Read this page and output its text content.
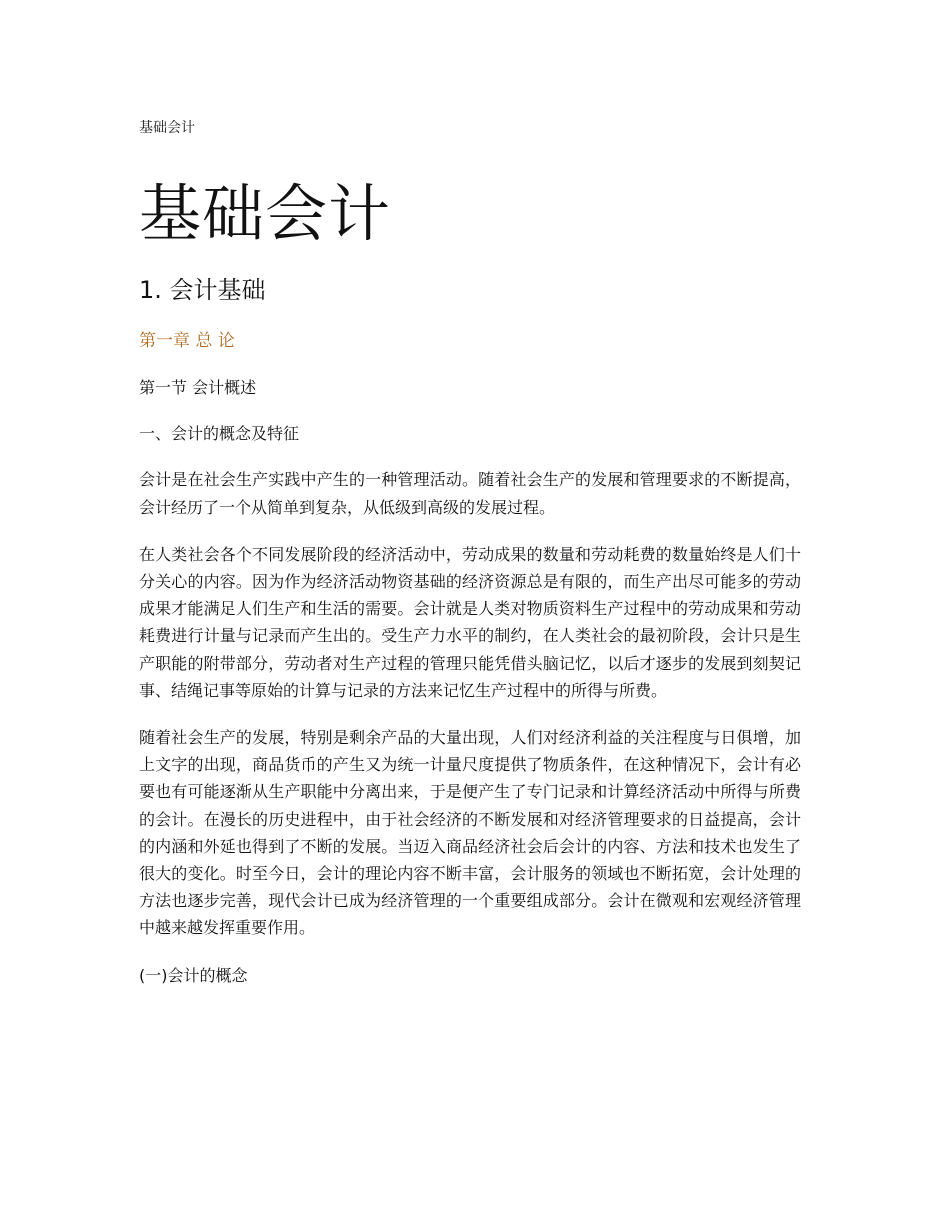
基础会计

基础会计
1. 会计基础
第一章 总 论

第一节 会计概述

一、会计的概念及特征

会计是在社会生产实践中产生的一种管理活动。随着社会生产的发展和管理要求的不断提高，会计经历了一个从简单到复杂，从低级到高级的发展过程。

在人类社会各个不同发展阶段的经济活动中，劳动成果的数量和劳动耗费的数量始终是人们十分关心的内容。因为作为经济活动物资基础的经济资源总是有限的，而生产出尽可能多的劳动成果才能满足人们生产和生活的需要。会计就是人类对物质资料生产过程中的劳动成果和劳动耗费进行计量与记录而产生出的。受生产力水平的制约，在人类社会的最初阶段，会计只是生产职能的附带部分，劳动者对生产过程的管理只能凭借头脑记忆，以后才逐步的发展到刻契记事、结绳记事等原始的计算与记录的方法来记忆生产过程中的所得与所费。

随着社会生产的发展，特别是剩余产品的大量出现，人们对经济利益的关注程度与日俱增，加上文字的出现，商品货币的产生又为统一计量尺度提供了物质条件，在这种情况下，会计有必要也有可能逐渐从生产职能中分离出来，于是便产生了专门记录和计算经济活动中所得与所费的会计。在漫长的历史进程中，由于社会经济的不断发展和对经济管理要求的日益提高，会计的内涵和外延也得到了不断的发展。当迈入商品经济社会后会计的内容、方法和技术也发生了很大的变化。时至今日，会计的理论内容不断丰富，会计服务的领域也不断拓宽，会计处理的方法也逐步完善，现代会计已成为经济管理的一个重要组成部分。会计在微观和宏观经济管理中越来越发挥重要作用。

(一)会计的概念
